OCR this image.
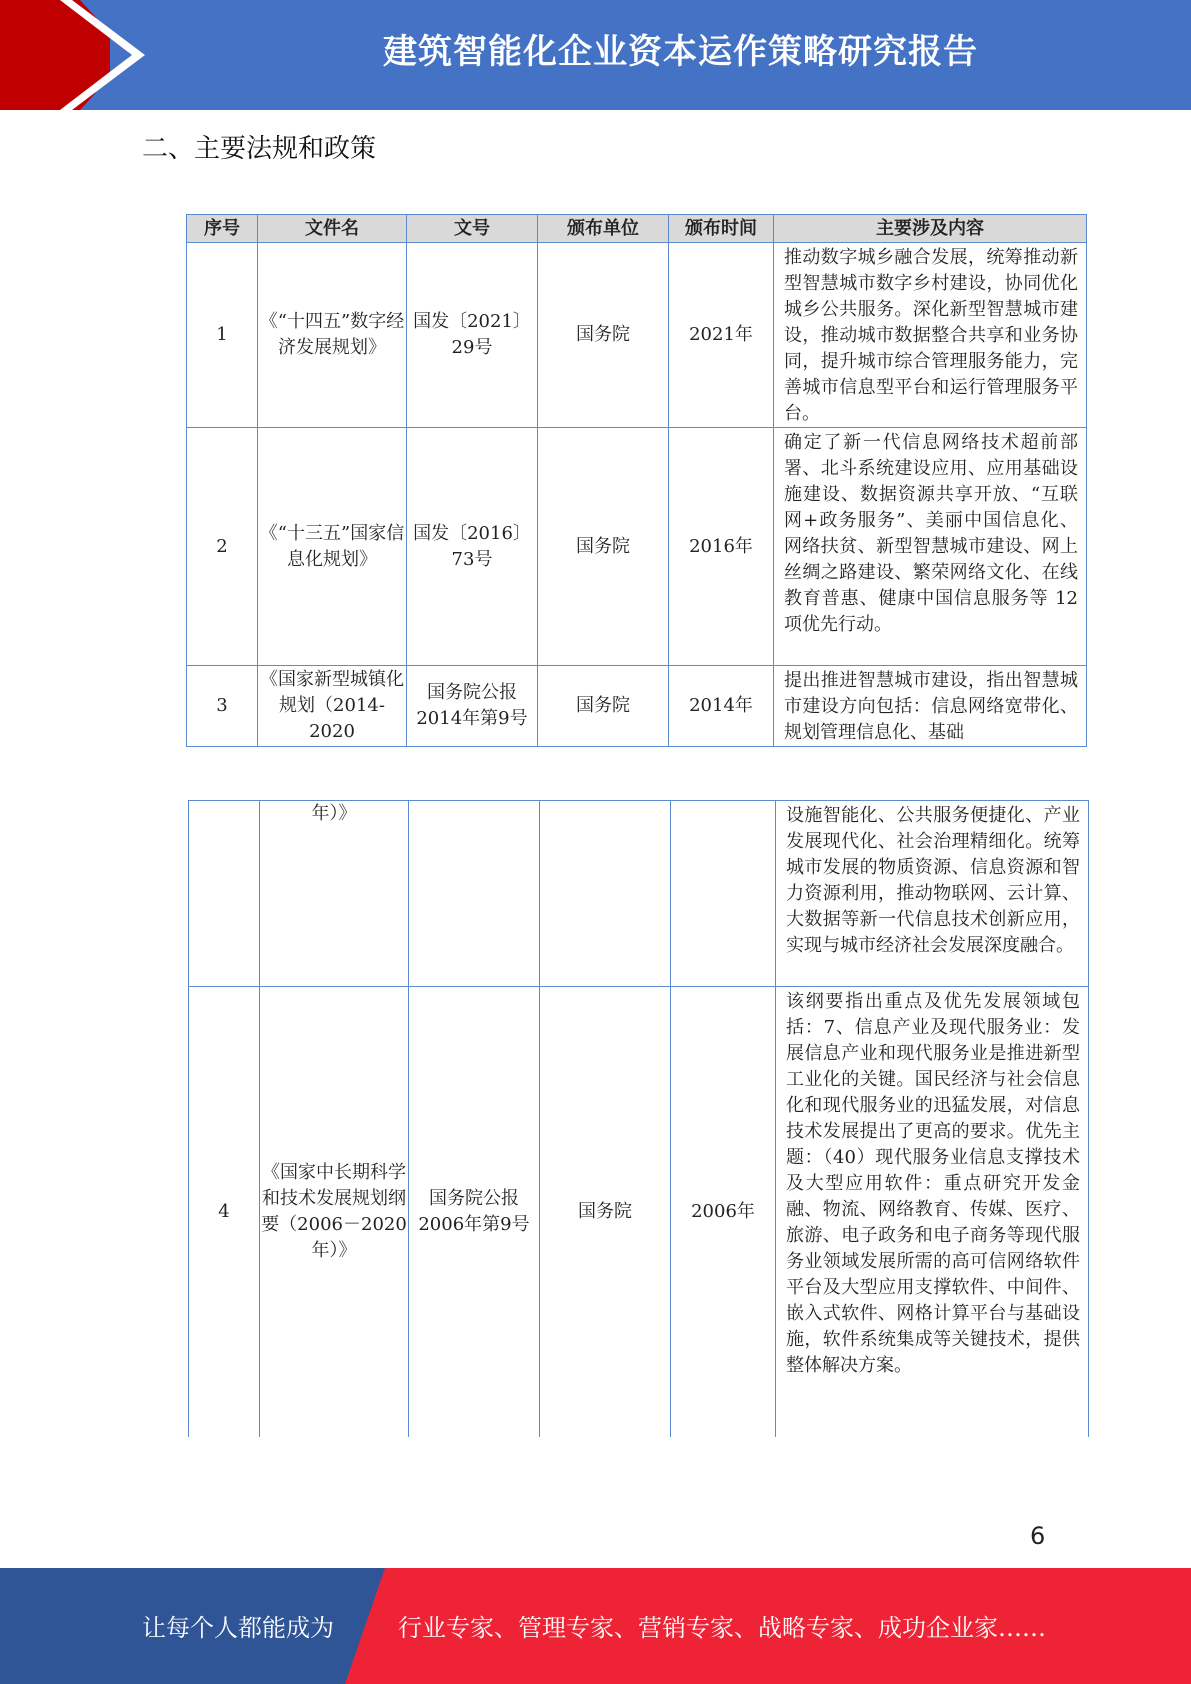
建筑智能化企业资本运作策略研究报告
二、主要法规和政策
序号	文件名	文号	颁布单位	颁布时间	主要涉及内容
1	《“十四五”数字经济发展规划》	国发〔2021〕29号	国务院	2021年	推动数字城乡融合发展，统筹推动新型智慧城市数字乡村建设，协同优化城乡公共服务。深化新型智慧城市建设，推动城市数据整合共享和业务协同，提升城市综合管理服务能力，完善城市信息型平台和运行管理服务平台。
2	《“十三五”国家信息化规划》	国发〔2016〕73号	国务院	2016年	确定了新一代信息网络技术超前部署、北斗系统建设应用、应用基础设施建设、数据资源共享开放、“互联网+政务服务”、美丽中国信息化、网络扶贫、新型智慧城市建设、网上丝绸之路建设、繁荣网络文化、在线教育普惠、健康中国信息服务等 12 项优先行动。
3	《国家新型城镇化规划（2014-2020	国务院公报2014年第9号	国务院	2014年	提出推进智慧城市建设，指出智慧城市建设方向包括：信息网络宽带化、规划管理信息化、基础
	年）》				设施智能化、公共服务便捷化、产业发展现代化、社会治理精细化。统筹城市发展的物质资源、信息资源和智力资源利用，推动物联网、云计算、大数据等新一代信息技术创新应用，实现与城市经济社会发展深度融合。
4	《国家中长期科学和技术发展规划纲要（2006－2020年）》	国务院公报2006年第9号	国务院	2006年	该纲要指出重点及优先发展领域包括：7、信息产业及现代服务业：发展信息产业和现代服务业是推进新型工业化的关键。国民经济与社会信息化和现代服务业的迅猛发展，对信息技术发展提出了更高的要求。优先主题：（40）现代服务业信息支撑技术及大型应用软件：重点研究开发金融、物流、网络教育、传媒、医疗、旅游、电子政务和电子商务等现代服务业领域发展所需的高可信网络软件平台及大型应用支撑软件、中间件、嵌入式软件、网格计算平台与基础设施，软件系统集成等关键技术，提供整体解决方案。
6
让每个人都能成为	行业专家、管理专家、营销专家、战略专家、成功企业家……
